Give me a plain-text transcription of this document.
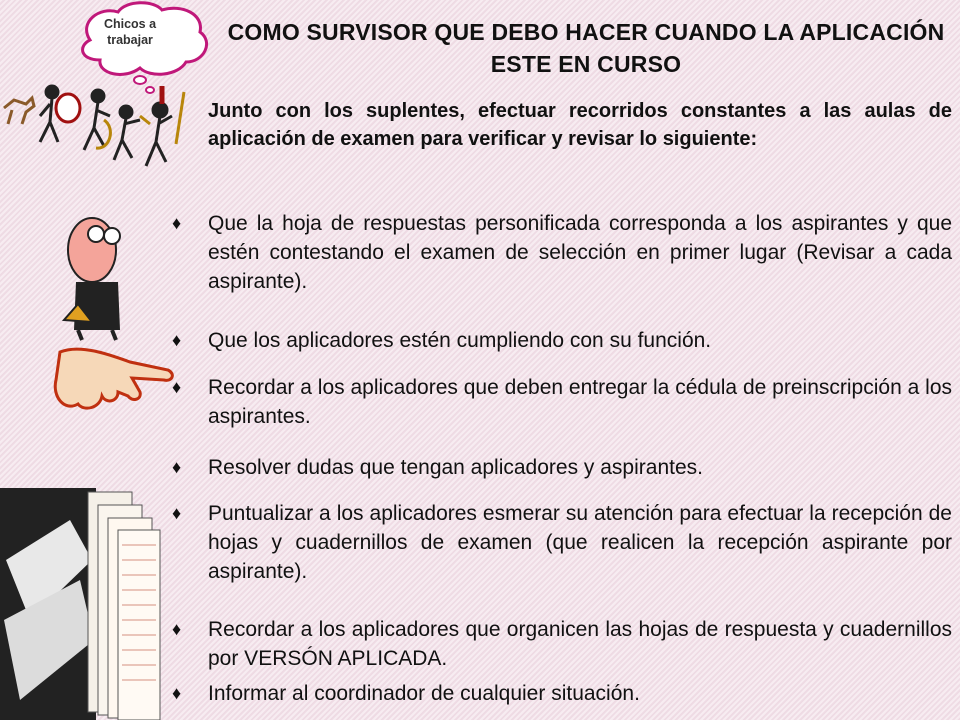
Chicos a trabajar	COMO SURVISOR QUE DEBO HACER CUANDO LA APLICACIÓN ESTE EN CURSO
Junto con los suplentes, efectuar recorridos constantes a las aulas de aplicación de examen para verificar y revisar lo siguiente:
♦	Que la hoja de respuestas personificada corresponda a los aspirantes y que estén contestando el examen de selección en primer lugar (Revisar a cada aspirante).
♦	Que los aplicadores estén cumpliendo con su función.
♦	Recordar a los aplicadores que deben entregar la cédula de preinscripción a los aspirantes.
♦	Resolver dudas que tengan aplicadores y aspirantes.
♦	Puntualizar a los aplicadores esmerar su atención para efectuar la recepción de hojas y cuadernillos de examen (que realicen la recepción aspirante por aspirante).
♦	Recordar a los aplicadores que organicen las hojas de respuesta y cuadernillos por VERSÓN APLICADA.
♦	Informar al coordinador de cualquier situación.
